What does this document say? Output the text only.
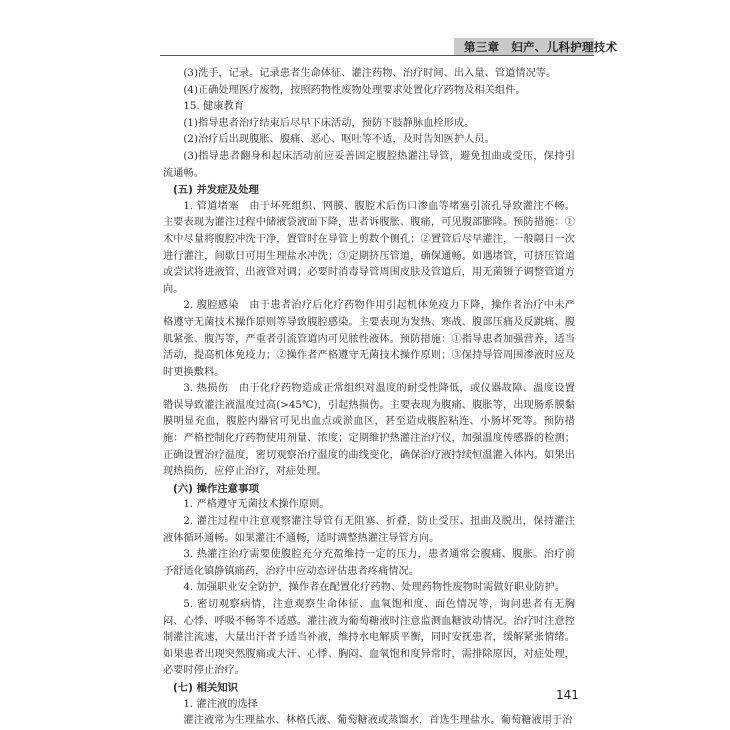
第三章　妇产、儿科护理技术

(3)洗手，记录。记录患者生命体征、灌注药物、治疗时间、出入量、管道情况等。

(4)正确处理医疗废物，按照药物性废物处理要求处置化疗药物及相关组件。

15. 健康教育

(1)指导患者治疗结束后尽早下床活动，预防下肢静脉血栓形成。

(2)治疗后出现腹胀、腹痛、恶心、呕吐等不适，及时告知医护人员。

(3)指导患者翻身和起床活动前应妥善固定腹腔热灌注导管，避免扭曲或受压，保持引流通畅。

(五) 并发症及处理

1. 管道堵塞　由于坏死组织、网膜、腹腔术后伤口渗血等堵塞引流孔导致灌注不畅。主要表现为灌注过程中储液袋液面下降，患者诉腹胀、腹痛，可见腹部膨隆。预防措施：①术中尽量将腹腔冲洗干净，置管时在导管上剪数个侧孔；②置管后尽早灌注，一般隔日一次进行灌注，间歇日可用生理盐水冲洗；③定期挤压管道，确保通畅。如遇堵管，可挤压管道或尝试将进液管、出液管对调；必要时消毒导管周围皮肤及管道后，用无菌镊子调整管道方向。

2. 腹腔感染　由于患者治疗后化疗药物作用引起机体免疫力下降，操作者治疗中未严格遵守无菌技术操作原则等导致腹腔感染。主要表现为发热、寒战、腹部压痛及反跳痛、腹肌紧张、腹泻等，严重者引流管道内可见脓性液体。预防措施：①指导患者加强营养，适当活动，提高机体免疫力；②操作者严格遵守无菌技术操作原则；③保持导管周围渗液时应及时更换敷料。

3. 热损伤　由于化疗药物造成正常组织对温度的耐受性降低，或仪器故障、温度设置错误导致灌注液温度过高(>45℃)，引起热损伤。主要表现为腹痛、腹胀等，出现肠系膜黏膜明显充血，腹腔内器官可见出血点或淤血区，甚至造成腹腔粘连、小肠坏死等。预防措施：严格控制化疗药物使用剂量、浓度；定期维护热灌注治疗仪，加强温度传感器的检测；正确设置治疗温度，密切观察治疗温度的曲线变化，确保治疗液持续恒温灌入体内。如果出现热损伤，应停止治疗，对症处理。

(六) 操作注意事项

1. 严格遵守无菌技术操作原则。

2. 灌注过程中注意观察灌注导管有无阻塞、折叠，防止受压、扭曲及脱出，保持灌注液体循环通畅。如果灌注不通畅，适时调整热灌注导管方向。

3. 热灌注治疗需要使腹腔充分充盈维持一定的压力，患者通常会腹痛、腹胀。治疗前予舒适化镇静镇痛药，治疗中应动态评估患者疼痛情况。

4. 加强职业安全防护，操作者在配置化疗药物、处理药物性废物时需做好职业防护。

5. 密切观察病情，注意观察生命体征、血氧饱和度、面色情况等，询问患者有无胸闷、心悸、呼吸不畅等不适感。灌注液为葡萄糖液时注意监测血糖波动情况。治疗时注意控制灌注流速，大量出汗者予适当补液，维持水电解质平衡，同时安抚患者，缓解紧张情绪。如果患者出现突然腹痛或大汗、心悸、胸闷、血氧饱和度异常时，需排除原因，对症处理，必要时停止治疗。

(七) 相关知识

1. 灌注液的选择

灌注液常为生理盐水、林格氏液、葡萄糖液或蒸馏水，首选生理盐水。葡萄糖液用于治

141
